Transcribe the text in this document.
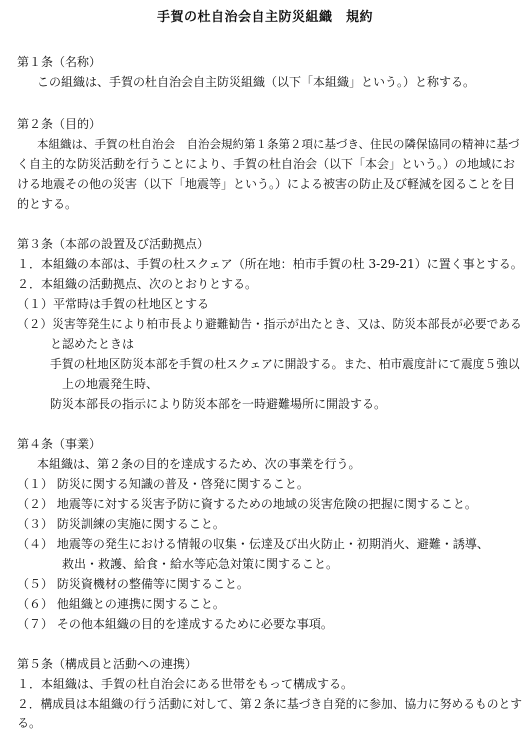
手賀の杜自治会自主防災組織　規約
第１条（名称）
この組織は、手賀の杜自治会自主防災組織（以下「本組織」という。）と称する。
第２条（目的）
本組織は、手賀の杜自治会　自治会規約第１条第２項に基づき、住民の隣保協同の精神に基づ
く自主的な防災活動を行うことにより、手賀の杜自治会（以下「本会」という。）の地域にお
ける地震その他の災害（以下「地震等」という。）による被害の防止及び軽減を図ることを目
的とする。
第３条（本部の設置及び活動拠点）
１．本組織の本部は、手賀の杜スクェア（所在地：柏市手賀の杜 3-29-21）に置く事とする。
２．本組織の活動拠点、次のとおりとする。
（１）平常時は手賀の杜地区とする
（２）災害等発生により柏市長より避難勧告・指示が出たとき、又は、防災本部長が必要である
と認めたときは
手賀の杜地区防災本部を手賀の杜スクェアに開設する。また、柏市震度計にて震度５強以
上の地震発生時、
防災本部長の指示により防災本部を一時避難場所に開設する。
第４条（事業）
本組織は、第２条の目的を達成するため、次の事業を行う。
（１） 防災に関する知識の普及・啓発に関すること。
（２） 地震等に対する災害予防に資するための地域の災害危険の把握に関すること。
（３） 防災訓練の実施に関すること。
（４） 地震等の発生における情報の収集・伝達及び出火防止・初期消火、避難・誘導、
救出・救護、給食・給水等応急対策に関すること。
（５） 防災資機材の整備等に関すること。
（６） 他組織との連携に関すること。
（７） その他本組織の目的を達成するために必要な事項。
第５条（構成員と活動への連携）
１．本組織は、手賀の杜自治会にある世帯をもって構成する。
２．構成員は本組織の行う活動に対して、第２条に基づき自発的に参加、協力に努めるものとす
る。
